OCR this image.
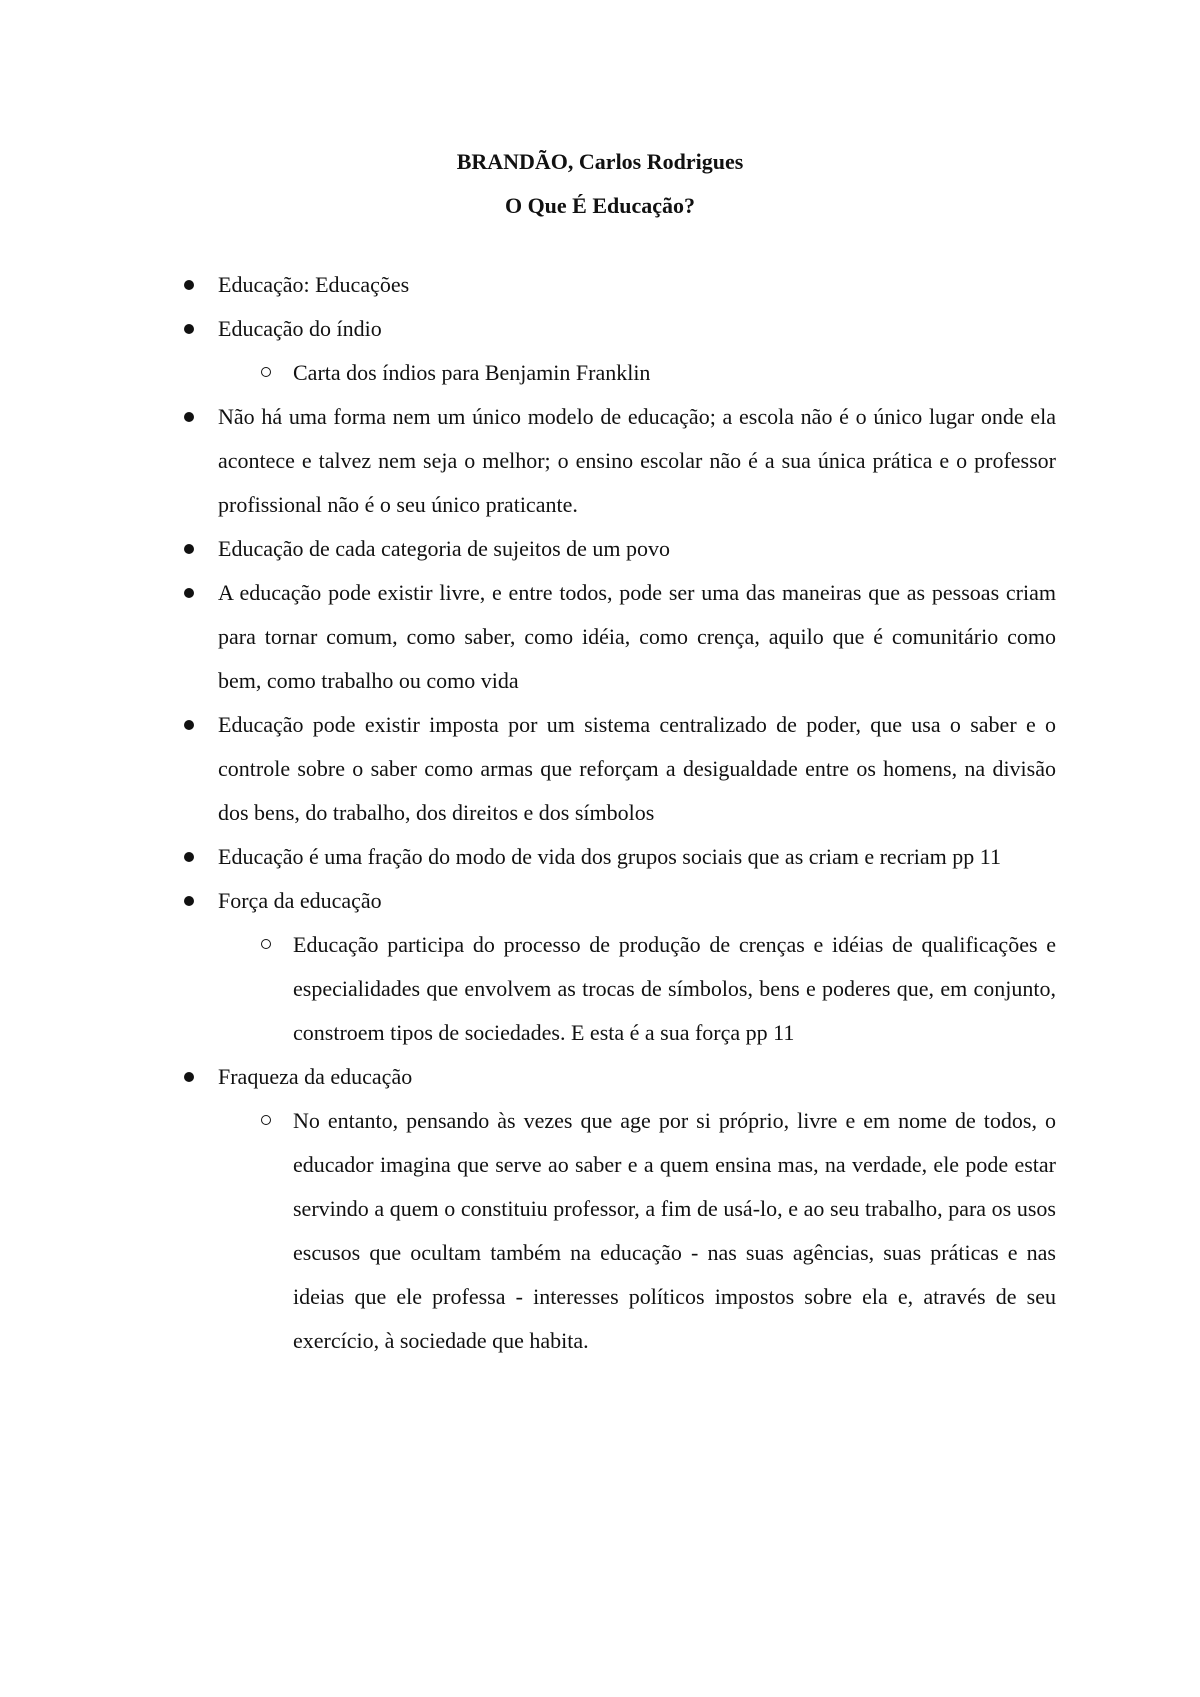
BRANDÃO, Carlos Rodrigues
O Que É Educação?
Educação: Educações
Educação do índio
Carta dos índios para Benjamin Franklin
Não há uma forma nem um único modelo de educação; a escola não é o único lugar onde ela acontece e talvez nem seja o melhor; o ensino escolar não é a sua única prática e o professor profissional não é o seu único praticante.
Educação de cada categoria de sujeitos de um povo
A educação pode existir livre, e entre todos, pode ser uma das maneiras que as pessoas criam para tornar comum, como saber, como idéia, como crença, aquilo que é comunitário como bem, como trabalho ou como vida
Educação pode existir imposta por um sistema centralizado de poder, que usa o saber e o controle sobre o saber como armas que reforçam a desigualdade entre os homens, na divisão dos bens, do trabalho, dos direitos e dos símbolos
Educação é uma fração do modo de vida dos grupos sociais que as criam e recriam pp 11
Força da educação
Educação participa do processo de produção de crenças e idéias de qualificações e especialidades que envolvem as trocas de símbolos, bens e poderes que, em conjunto, constroem tipos de sociedades. E esta é a sua força pp 11
Fraqueza da educação
No entanto, pensando às vezes que age por si próprio, livre e em nome de todos, o educador imagina que serve ao saber e a quem ensina mas, na verdade, ele pode estar servindo a quem o constituiu professor, a fim de usá-lo, e ao seu trabalho, para os usos escusos que ocultam também na educação - nas suas agências, suas práticas e nas ideias que ele professa - interesses políticos impostos sobre ela e, através de seu exercício, à sociedade que habita.
